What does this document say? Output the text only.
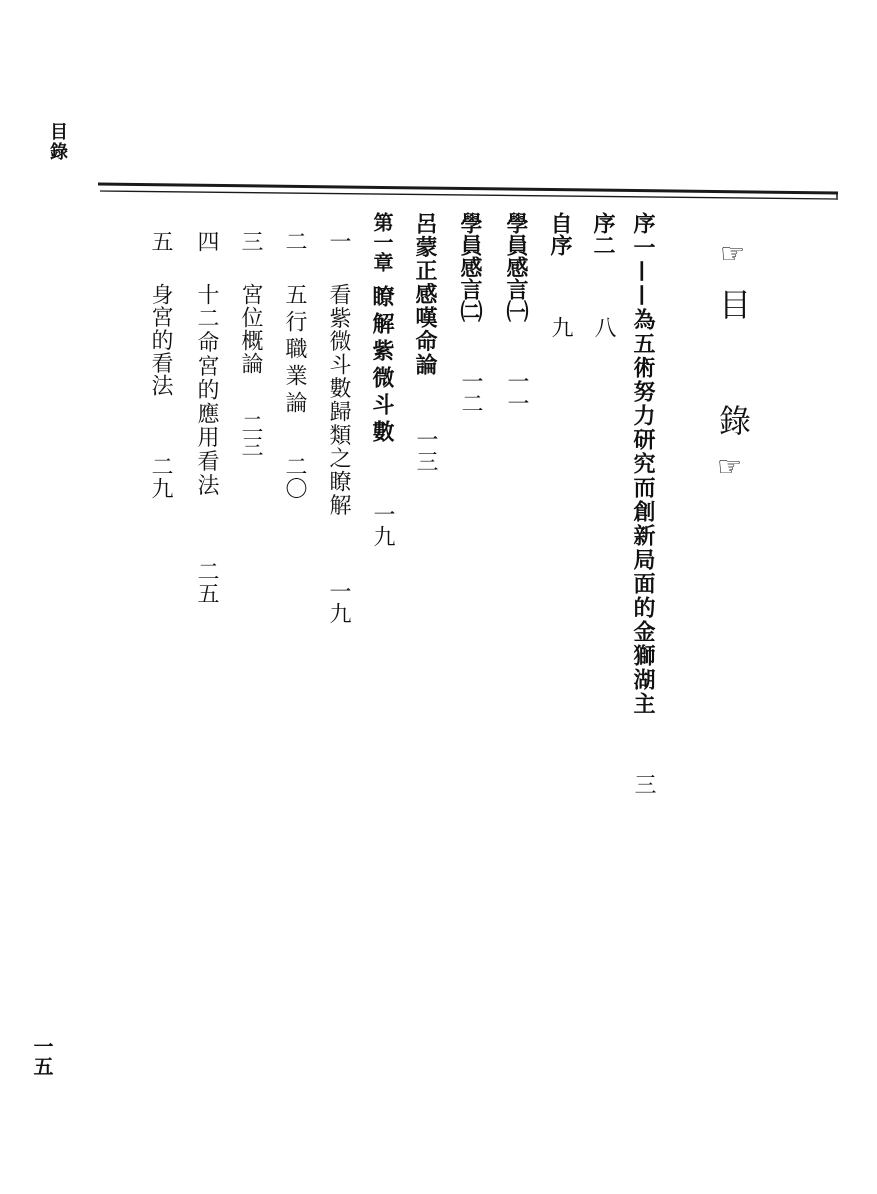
目錄
一五
☞
目錄
☞
序一——為五術努力研究而創新局面的金獅湖主
三
序二
八
自序
九
學員感言㈠
一一
學員感言㈡
一二
呂蒙正感嘆命論
一三
第一章
瞭解紫微斗數
一九
一
看紫微斗數歸類之瞭解
一九
二
五行職業論
二〇
三
宮位概論
二三
四
十二命宮的應用看法
二五
五
身宮的看法
二九
